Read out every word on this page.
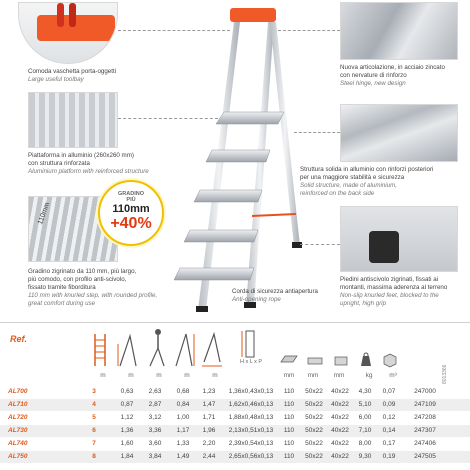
Comoda vaschetta porta-oggetti
Large useful toolbay
Piattaforma in alluminio (260x260 mm)
con struttura rinforzata
Aluminium platform with reinforced structure
110mm
Gradino zigrinato da 110 mm, più largo,
più comodo, con profilo anti-scivolo,
fissato tramite fiborditura
110 mm with knurled step, with rounded profile,
great comfort during use
Nuova articolazione, in acciaio zincato
con nervature di rinforzo
Steel hinge, new design
Struttura solida in alluminio con rinforzi posteriori
per una maggiore stabilità e sicurezza
Solid structure, made of aluminium,
reinforced on the back side
Piedini antiscivolo zigrinati, fissati ai
montanti, massima aderenza al terreno
Non-slip knurled feet, blocked to the
upright, high grip
GRADINO
PIÙ
110mm
+40%
Corda di sicurezza antiapertura
Anti-opening rope
Ref.
H x L x P
m	m	m	m	m	mm mm mm	kg	m³
AL700	3	0,63	2,63	0,68	1,23	1,36x0,43x0,13	110	50x22	40x22	4,30	0,07	247000
AL710	4	0,87	2,87	0,84	1,47	1,62x0,46x0,13	110	50x22	40x22	5,10	0,09	247109
AL720	5	1,12	3,12	1,00	1,71	1,88x0,48x0,13	110	50x22	40x22	6,00	0,12	247208
AL730	6	1,36	3,36	1,17	1,96	2,13x0,51x0,13	110	50x22	40x22	7,10	0,14	247307
AL740	7	1,60	3,60	1,33	2,20	2,39x0,54x0,13	110	50x22	40x22	8,00	0,17	247406
AL750	8	1,84	3,84	1,49	2,44	2,65x0,56x0,13	110	50x22	40x22	9,30	0,19	247505
8013366
